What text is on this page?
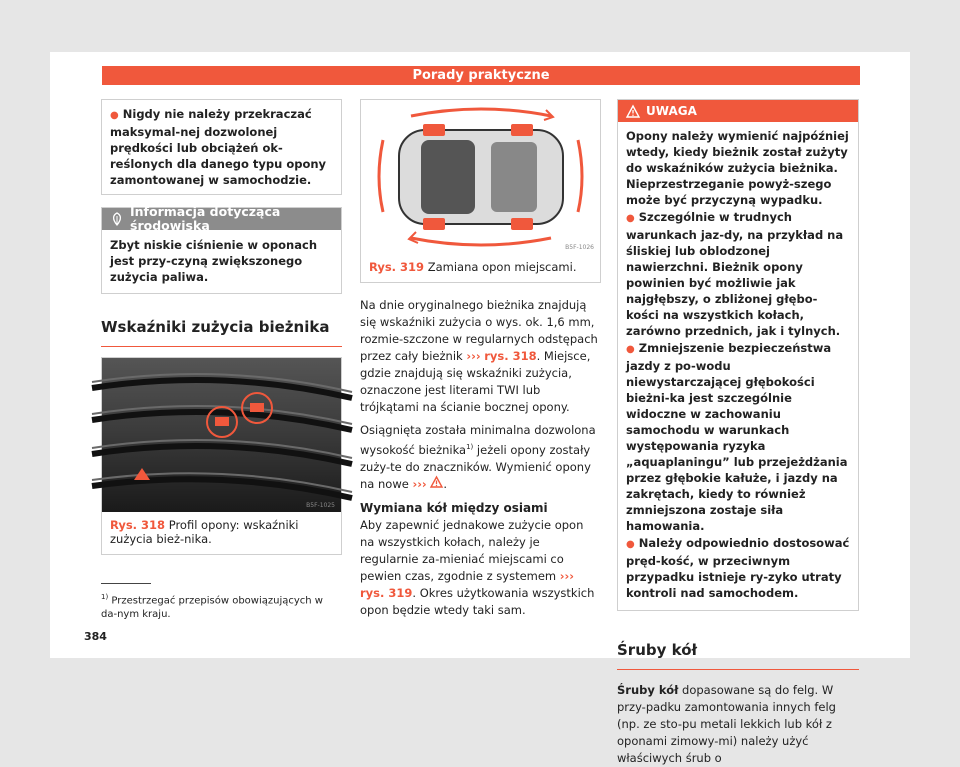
Porady praktyczne
● Nigdy nie należy przekraczać maksymal-nej dozwolonej prędkości lub obciążeń ok-reślonych dla danego typu opony zamontowanej w samochodzie.
Informacja dotycząca środowiska
Zbyt niskie ciśnienie w oponach jest przy-czyną zwiększonego zużycia paliwa.
Wskaźniki zużycia bieżnika
B5F-1025
Rys. 318 Profil opony: wskaźniki zużycia bież-nika.
B5F-1026
Rys. 319 Zamiana opon miejscami.
Na dnie oryginalnego bieżnika znajdują się wskaźniki zużycia o wys. ok. 1,6 mm, rozmie-szczone w regularnych odstępach przez cały bieżnik ››› rys. 318. Miejsce, gdzie znajdują się wskaźniki zużycia, oznaczone jest literami TWI lub trójkątami na ścianie bocznej opony.
Osiągnięta została minimalna dozwolona wysokość bieżnika$^{1)}$ jeżeli opony zostały zuży-te do znaczników. Wymienić opony na nowe ››› .
Wymiana kół między osiami
Aby zapewnić jednakowe zużycie opon na wszystkich kołach, należy je regularnie za-mieniać miejscami co pewien czas, zgodnie z systemem ››› rys. 319. Okres użytkowania wszystkich opon będzie wtedy taki sam.
UWAGA

Opony należy wymienić najpóźniej wtedy, kiedy bieżnik został zużyty do wskaźników zużycia bieżnika. Nieprzestrzeganie powyż-szego może być przyczyną wypadku.

● Szczególnie w trudnych warunkach jaz-dy, na przykład na śliskiej lub oblodzonej nawierzchni. Bieżnik opony powinien być możliwie jak najgłębszy, o zbliżonej głębo-kości na wszystkich kołach, zarówno przednich, jak i tylnych.

● Zmniejszenie bezpieczeństwa jazdy z po-wodu niewystarczającej głębokości bieżni-ka jest szczególnie widoczne w zachowaniu samochodu w warunkach występowania ryzyka „aquaplaningu” lub przejeżdżania przez głębokie kałuże, i jazdy na zakrętach, kiedy to również zmniejszona zostaje siła hamowania.

● Należy odpowiednio dostosować pręd-kość, w przeciwnym przypadku istnieje ry-zyko utraty kontroli nad samochodem.

Śruby kół
Śruby kół dopasowane są do felg. W przy-padku zamontowania innych felg (np. ze sto-pu metali lekkich lub kół z oponami zimowy-mi) należy użyć właściwych śrub o
$^{1)}$ Przestrzegać przepisów obowiązujących w da-nym kraju.
384
